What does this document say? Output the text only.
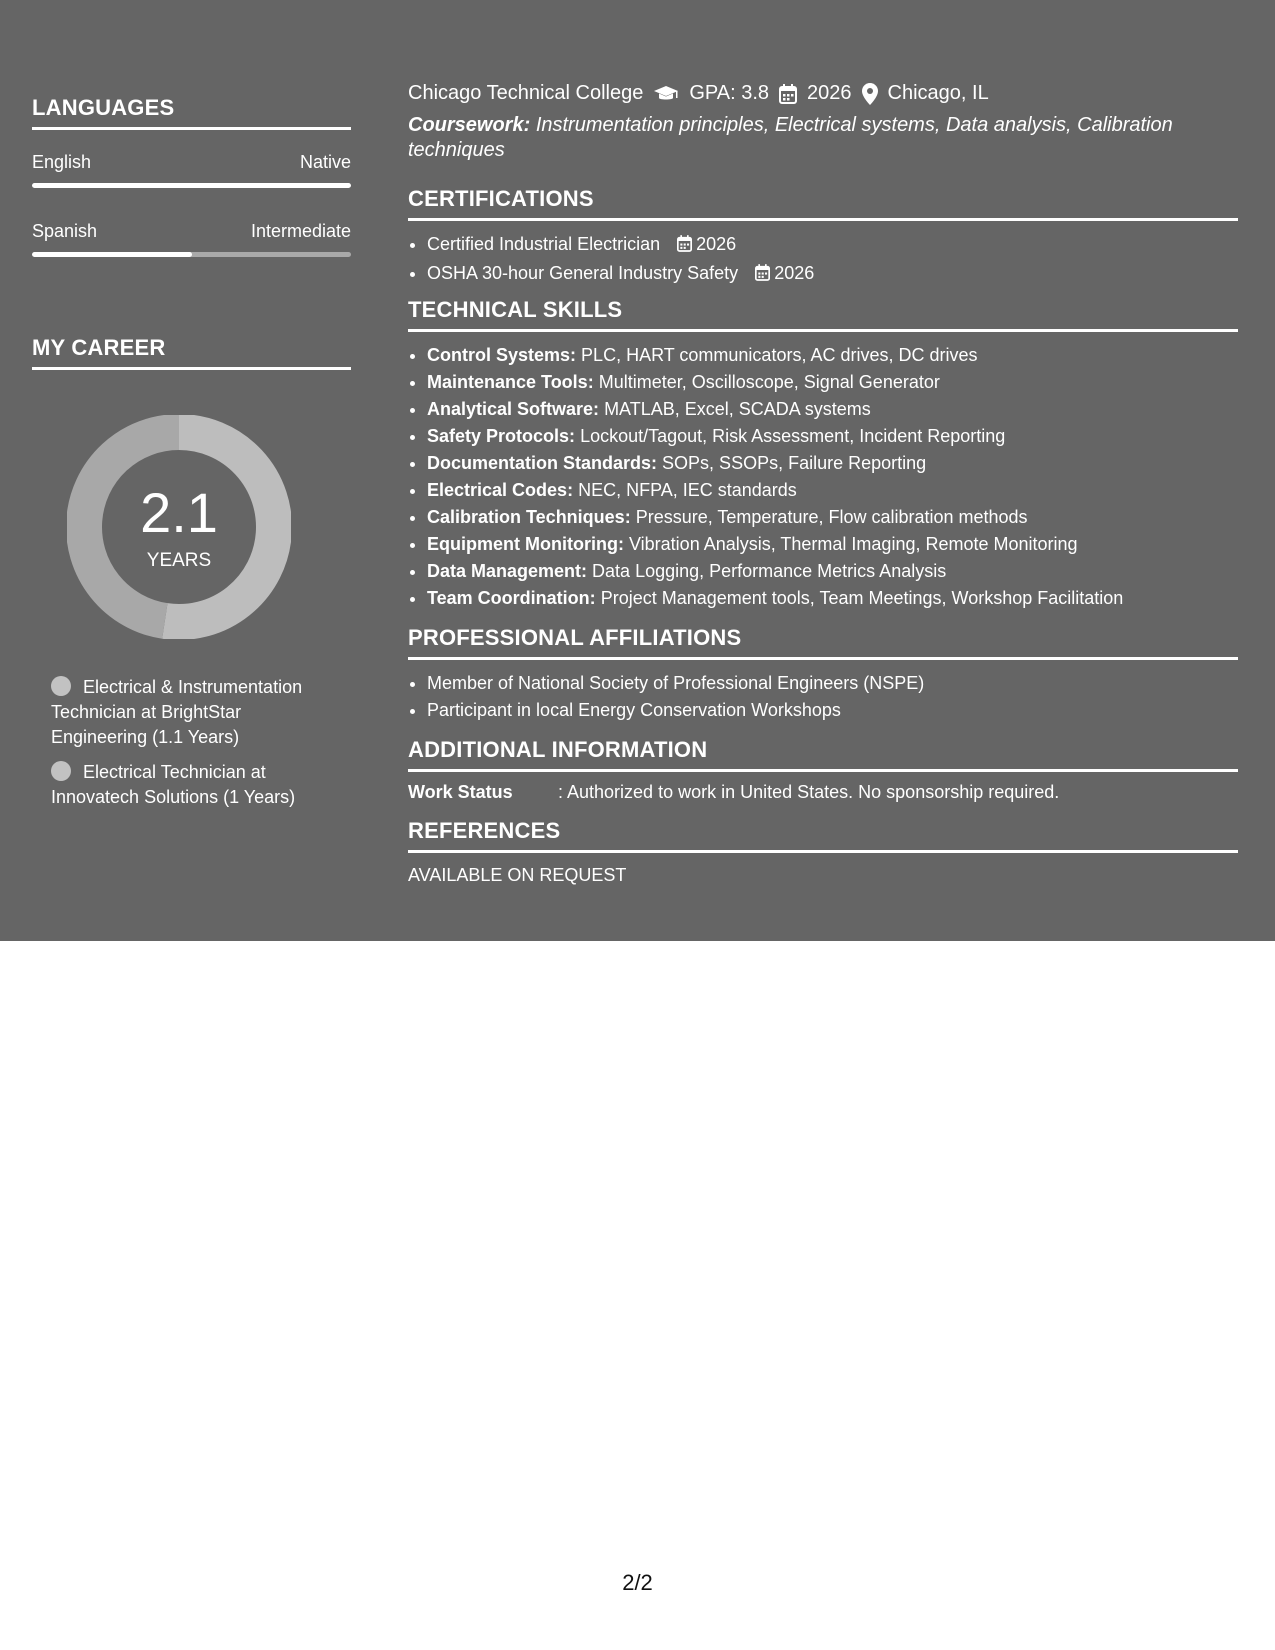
LANGUAGES
English	Native
Spanish	Intermediate
MY CAREER
2.1
YEARS
Electrical & Instrumentation Technician at BrightStar Engineering (1.1 Years)
Electrical Technician at Innovatech Solutions (1 Years)
Chicago Technical College GPA: 3.8 2026 Chicago, IL
Coursework: Instrumentation principles, Electrical systems, Data analysis, Calibration techniques
CERTIFICATIONS
• Certified Industrial Electrician 2026
• OSHA 30-hour General Industry Safety 2026
TECHNICAL SKILLS
• Control Systems: PLC, HART communicators, AC drives, DC drives
• Maintenance Tools: Multimeter, Oscilloscope, Signal Generator
• Analytical Software: MATLAB, Excel, SCADA systems
• Safety Protocols: Lockout/Tagout, Risk Assessment, Incident Reporting
• Documentation Standards: SOPs, SSOPs, Failure Reporting
• Electrical Codes: NEC, NFPA, IEC standards
• Calibration Techniques: Pressure, Temperature, Flow calibration methods
• Equipment Monitoring: Vibration Analysis, Thermal Imaging, Remote Monitoring
• Data Management: Data Logging, Performance Metrics Analysis
• Team Coordination: Project Management tools, Team Meetings, Workshop Facilitation
PROFESSIONAL AFFILIATIONS
• Member of National Society of Professional Engineers (NSPE)
• Participant in local Energy Conservation Workshops
ADDITIONAL INFORMATION
Work Status	: Authorized to work in United States. No sponsorship required.
REFERENCES
AVAILABLE ON REQUEST
2/2
